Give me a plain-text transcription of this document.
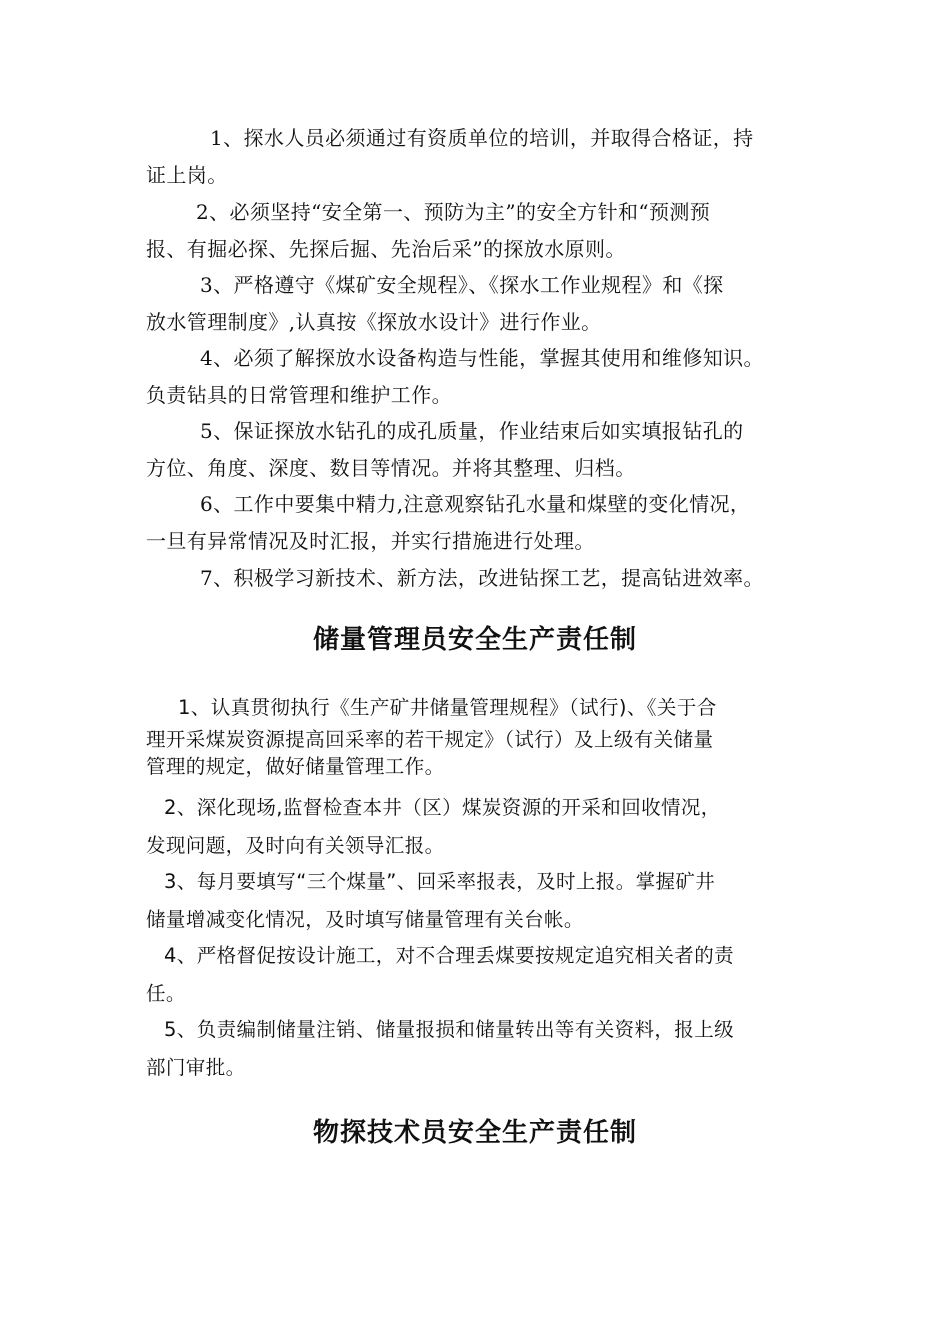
1、探水人员必须通过有资质单位的培训，并取得合格证，持
证上岗。
2、必须坚持“安全第一、预防为主”的安全方针和“预测预
报、有掘必探、先探后掘、先治后采”的探放水原则。
3、严格遵守《煤矿安全规程》、《探水工作业规程》和《探
放水管理制度》,认真按《探放水设计》进行作业。
4、必须了解探放水设备构造与性能，掌握其使用和维修知识。
负责钻具的日常管理和维护工作。
5、保证探放水钻孔的成孔质量，作业结束后如实填报钻孔的
方位、角度、深度、数目等情况。并将其整理、归档。
6、工作中要集中精力,注意观察钻孔水量和煤壁的变化情况，
一旦有异常情况及时汇报，并实行措施进行处理。
7、积极学习新技术、新方法，改进钻探工艺，提高钻进效率。
储量管理员安全生产责任制
1、认真贯彻执行《生产矿井储量管理规程》（试行)、《关于合
理开采煤炭资源提高回采率的若干规定》（试行）及上级有关储量
管理的规定，做好储量管理工作。
2、深化现场,监督检查本井（区）煤炭资源的开采和回收情况，
发现问题，及时向有关领导汇报。
3、每月要填写“三个煤量”、回采率报表，及时上报。掌握矿井
储量增减变化情况，及时填写储量管理有关台帐。
4、严格督促按设计施工，对不合理丢煤要按规定追究相关者的责
任。
5、负责编制储量注销、储量报损和储量转出等有关资料，报上级
部门审批。
物探技术员安全生产责任制
